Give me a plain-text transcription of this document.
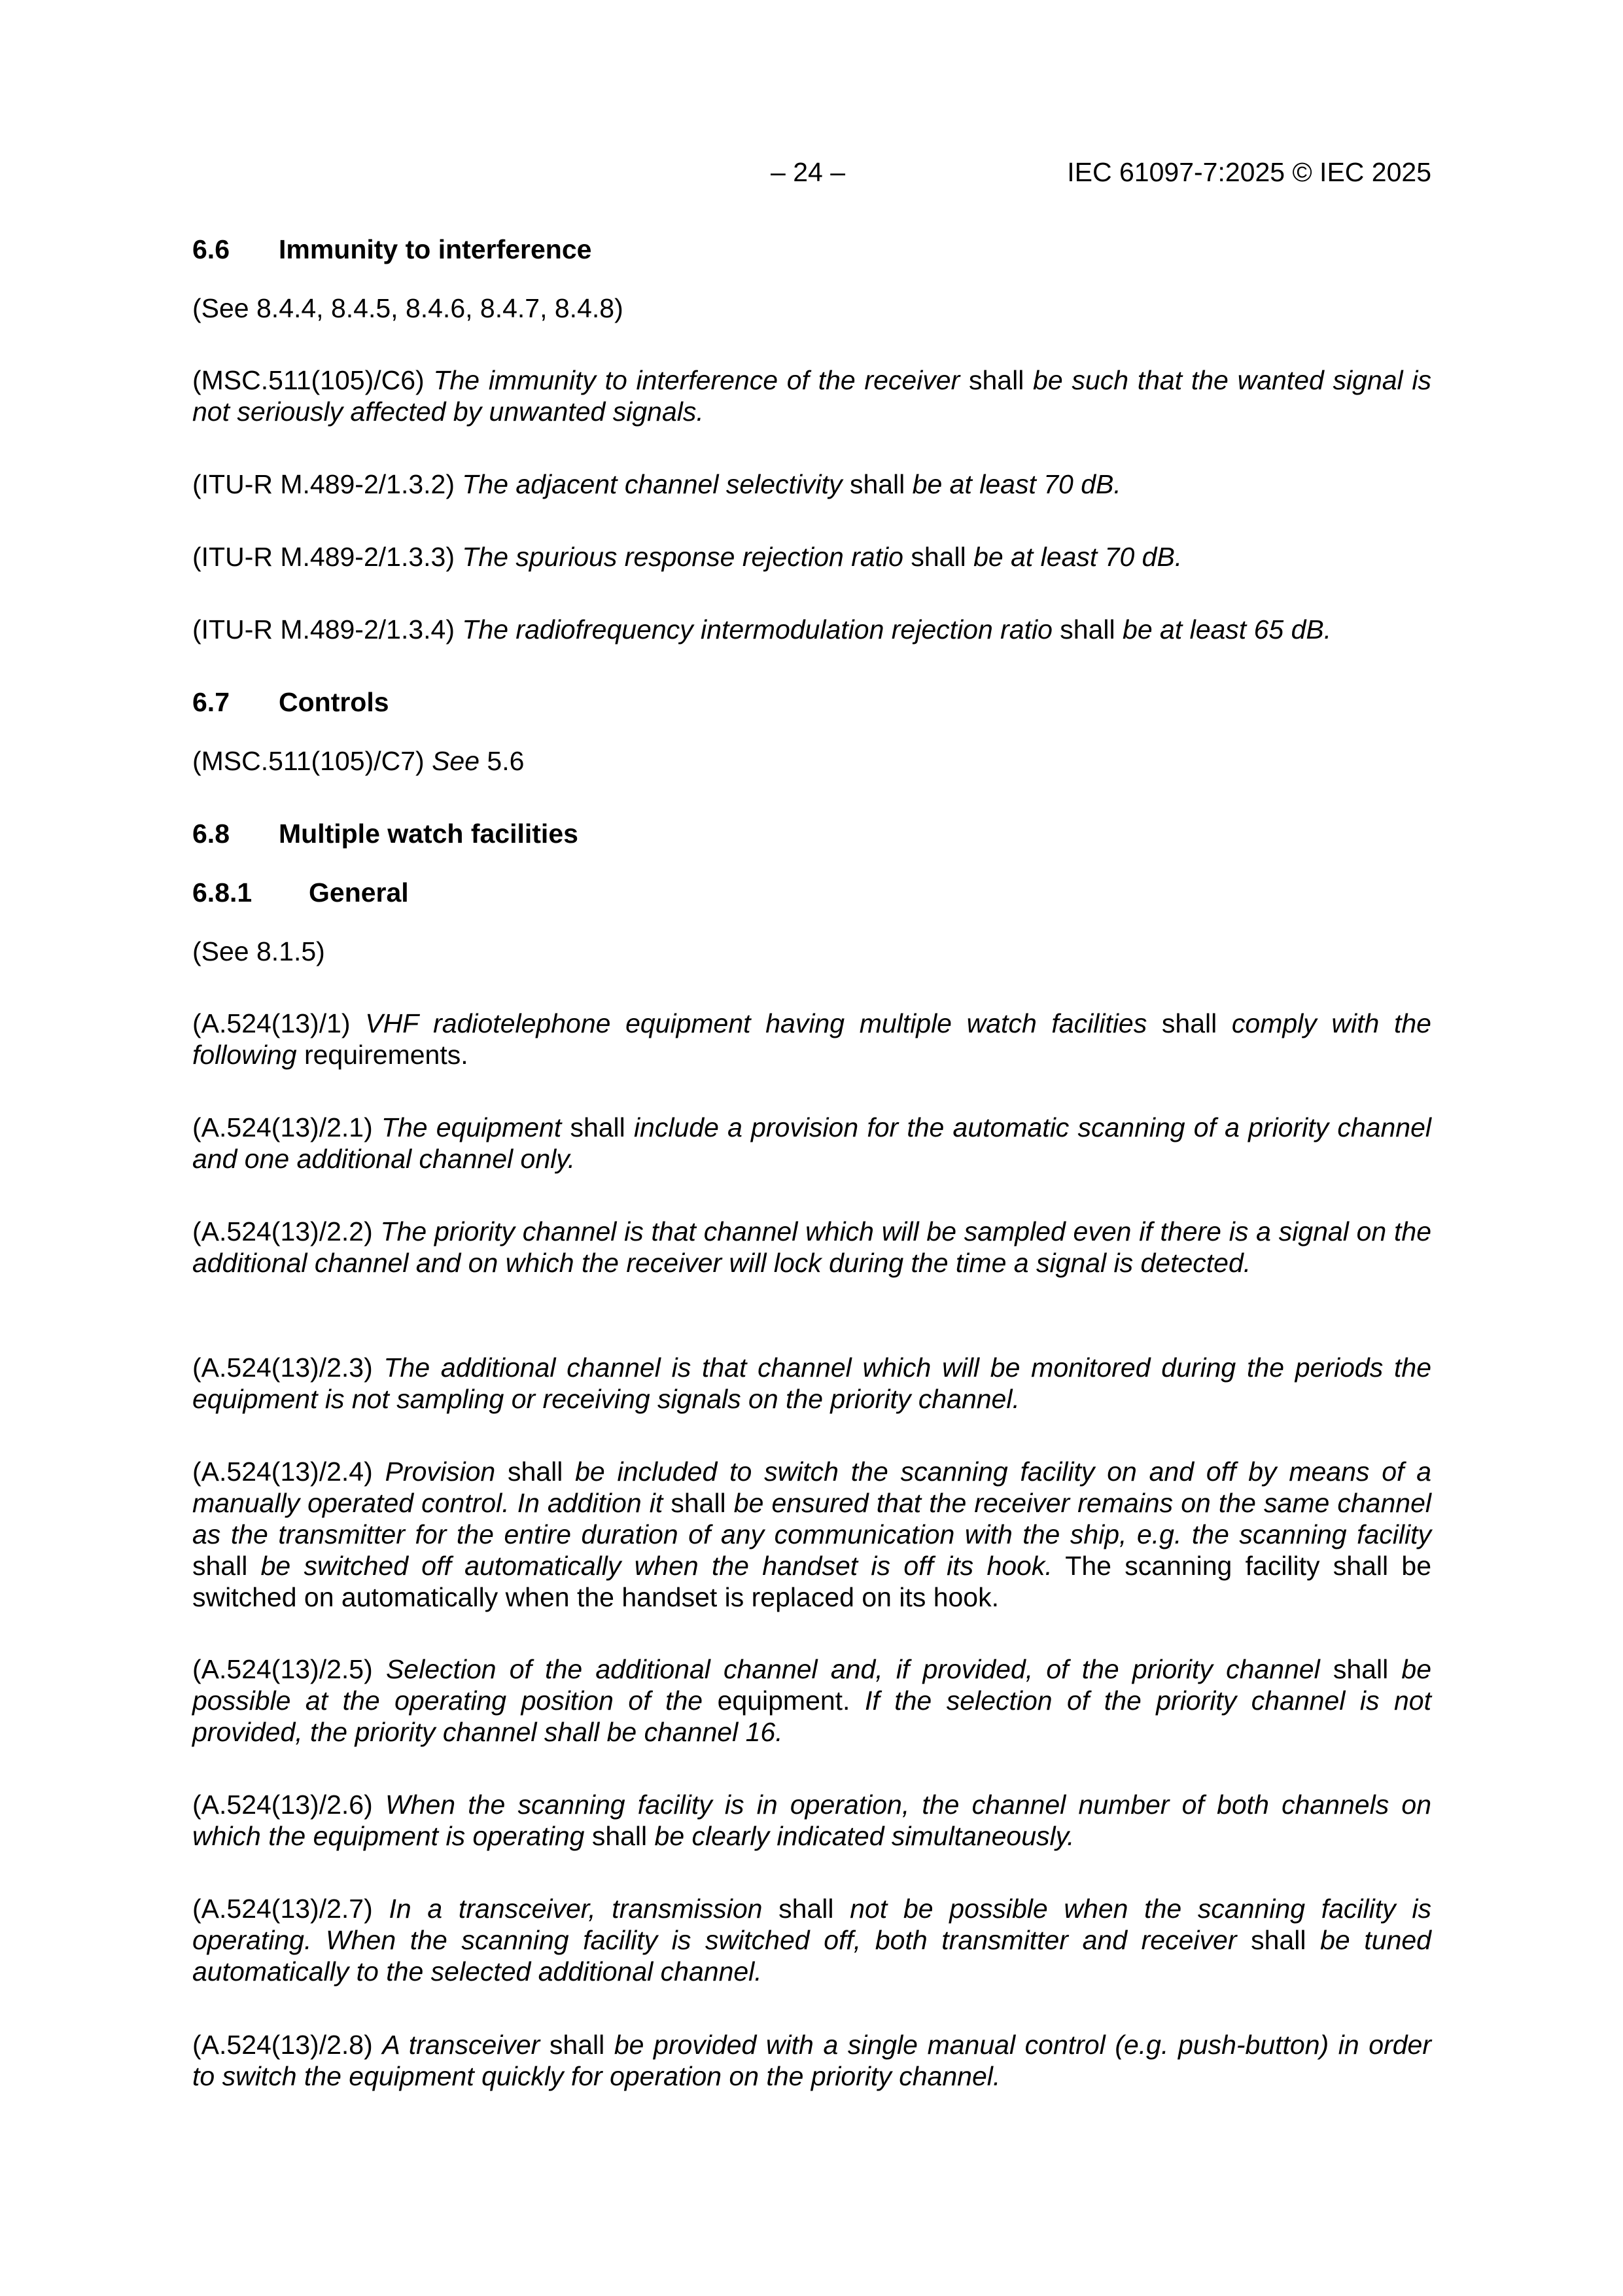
– 24 –	IEC 61097-7:2025 © IEC 2025
6.6 Immunity to interference
(See 8.4.4, 8.4.5, 8.4.6, 8.4.7, 8.4.8)
(MSC.511(105)/C6) The immunity to interference of the receiver shall be such that the wanted signal is not seriously affected by unwanted signals.
(ITU-R M.489-2/1.3.2) The adjacent channel selectivity shall be at least 70 dB.
(ITU-R M.489-2/1.3.3) The spurious response rejection ratio shall be at least 70 dB.
(ITU-R M.489-2/1.3.4) The radiofrequency intermodulation rejection ratio shall be at least 65 dB.
6.7 Controls
(MSC.511(105)/C7) See 5.6
6.8 Multiple watch facilities
6.8.1 General
(See 8.1.5)
(A.524(13)/1) VHF radiotelephone equipment having multiple watch facilities shall comply with the following requirements.
(A.524(13)/2.1) The equipment shall include a provision for the automatic scanning of a priority channel and one additional channel only.
(A.524(13)/2.2) The priority channel is that channel which will be sampled even if there is a signal on the additional channel and on which the receiver will lock during the time a signal is detected.
(A.524(13)/2.3) The additional channel is that channel which will be monitored during the periods the equipment is not sampling or receiving signals on the priority channel.
(A.524(13)/2.4) Provision shall be included to switch the scanning facility on and off by means of a manually operated control. In addition it shall be ensured that the receiver remains on the same channel as the transmitter for the entire duration of any communication with the ship, e.g. the scanning facility shall be switched off automatically when the handset is off its hook. The scanning facility shall be switched on automatically when the handset is replaced on its hook.
(A.524(13)/2.5) Selection of the additional channel and, if provided, of the priority channel shall be possible at the operating position of the equipment. If the selection of the priority channel is not provided, the priority channel shall be channel 16.
(A.524(13)/2.6) When the scanning facility is in operation, the channel number of both channels on which the equipment is operating shall be clearly indicated simultaneously.
(A.524(13)/2.7) In a transceiver, transmission shall not be possible when the scanning facility is operating. When the scanning facility is switched off, both transmitter and receiver shall be tuned automatically to the selected additional channel.
(A.524(13)/2.8) A transceiver shall be provided with a single manual control (e.g. push-button) in order to switch the equipment quickly for operation on the priority channel.
